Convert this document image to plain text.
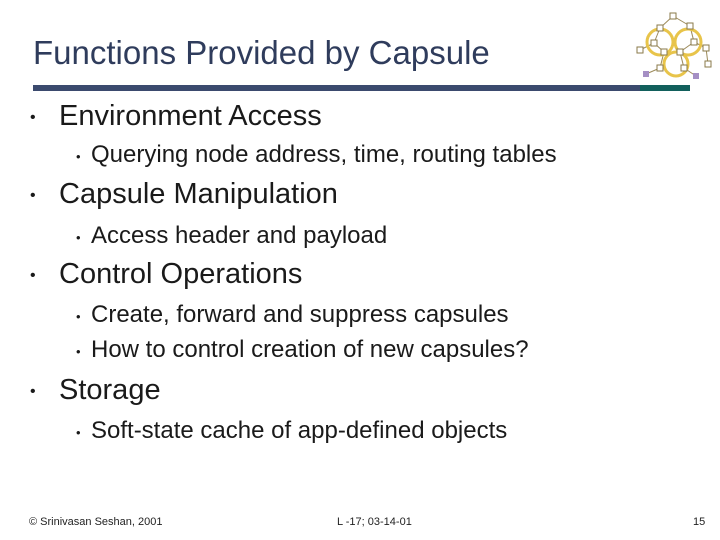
Functions Provided by Capsule
• Environment Access
• Querying node address, time, routing tables
• Capsule Manipulation
• Access header and payload
• Control Operations
• Create, forward and suppress capsules
• How to control creation of new capsules?
• Storage
• Soft-state cache of app-defined objects
© Srinivasan Seshan, 2001	L -17; 03-14-01	15
